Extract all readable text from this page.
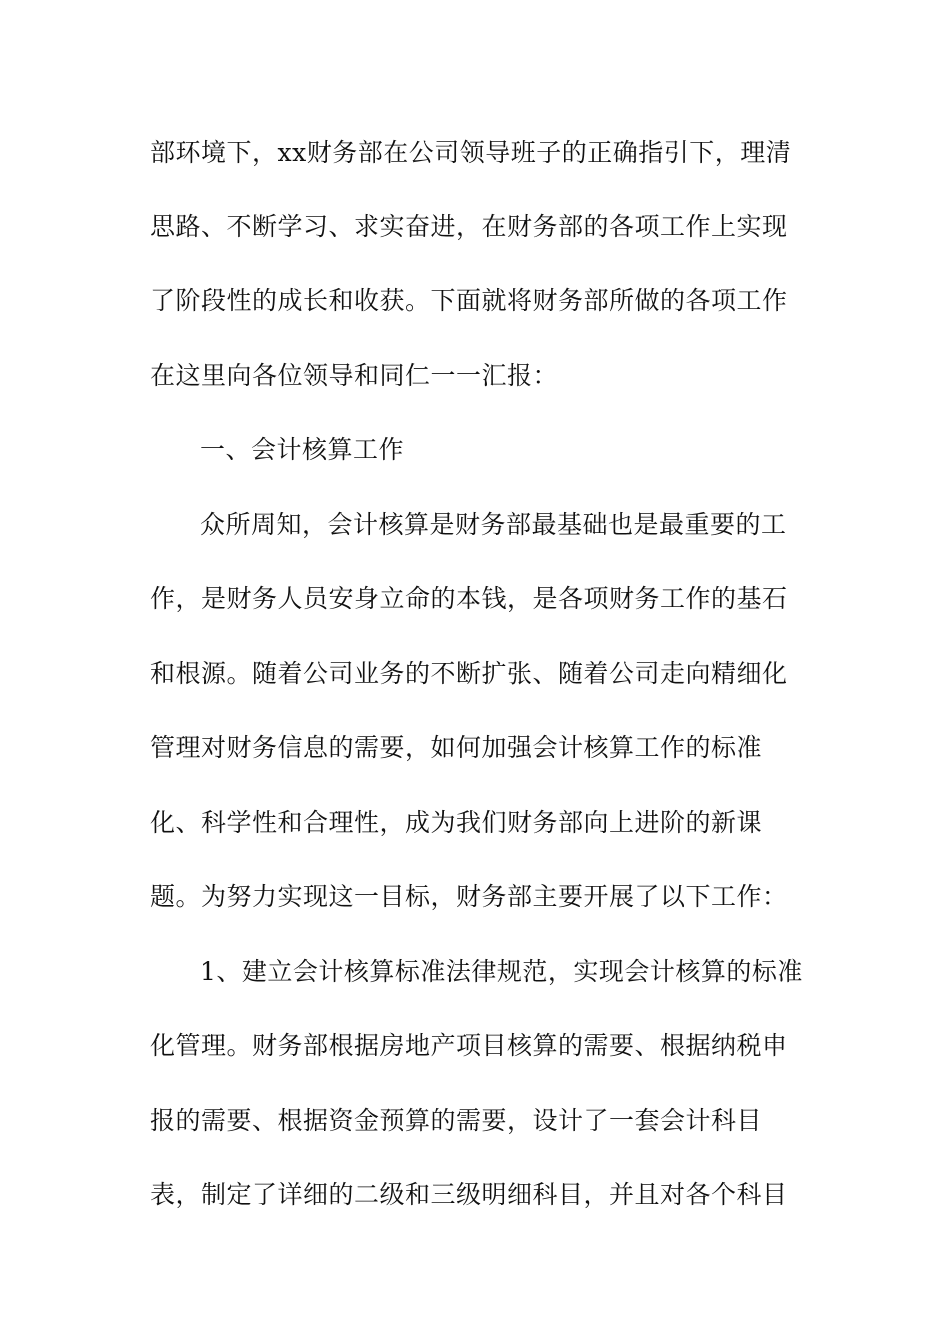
部环境下，xx财务部在公司领导班子的正确指引下，理清
思路、不断学习、求实奋进，在财务部的各项工作上实现
了阶段性的成长和收获。下面就将财务部所做的各项工作
在这里向各位领导和同仁一一汇报：
一、会计核算工作
众所周知，会计核算是财务部最基础也是最重要的工
作，是财务人员安身立命的本钱，是各项财务工作的基石
和根源。随着公司业务的不断扩张、随着公司走向精细化
管理对财务信息的需要，如何加强会计核算工作的标准
化、科学性和合理性，成为我们财务部向上进阶的新课
题。为努力实现这一目标，财务部主要开展了以下工作：
1、建立会计核算标准法律规范，实现会计核算的标准
化管理。财务部根据房地产项目核算的需要、根据纳税申
报的需要、根据资金预算的需要，设计了一套会计科目
表，制定了详细的二级和三级明细科目，并且对各个科目
